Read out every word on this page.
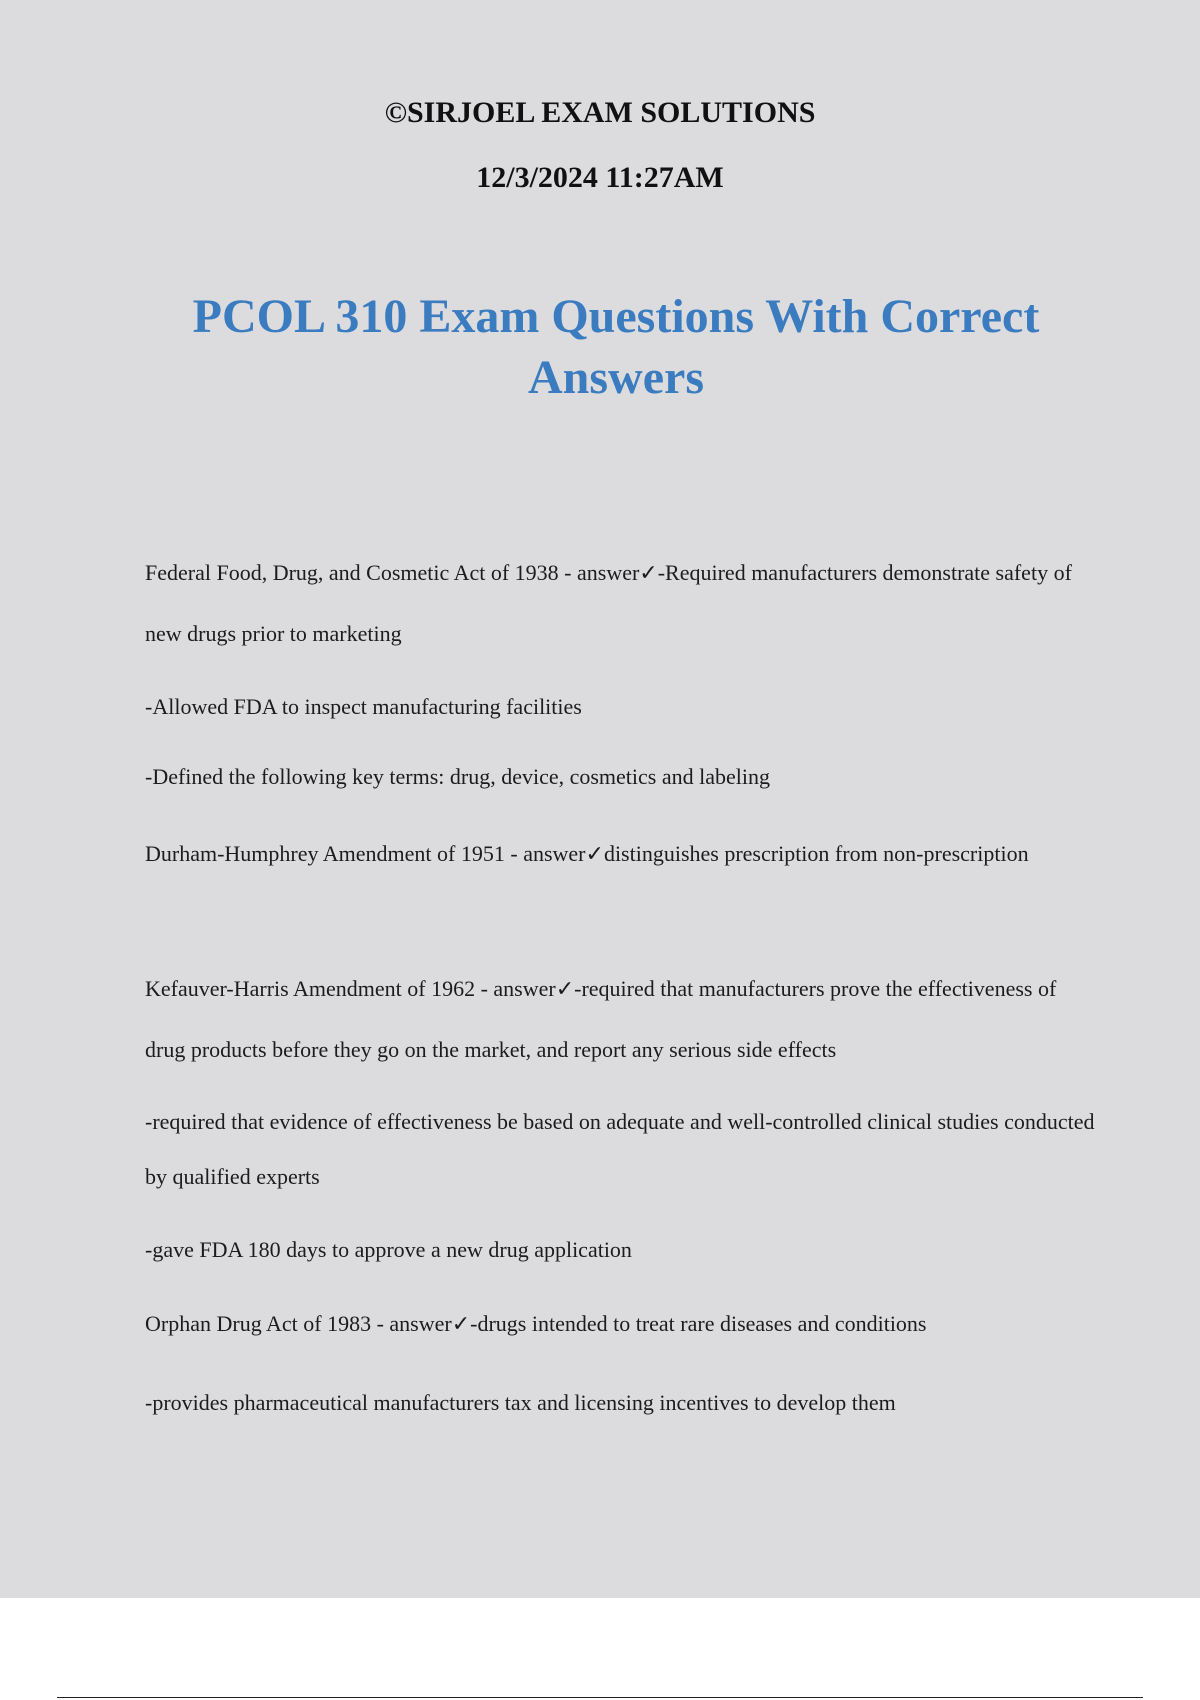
©SIRJOEL EXAM SOLUTIONS
12/3/2024 11:27AM
PCOL 310 Exam Questions With Correct Answers
Federal Food, Drug, and Cosmetic Act of 1938 - answer✓-Required manufacturers demonstrate safety of new drugs prior to marketing
-Allowed FDA to inspect manufacturing facilities
-Defined the following key terms: drug, device, cosmetics and labeling
Durham-Humphrey Amendment of 1951 - answer✓distinguishes prescription from non-prescription
Kefauver-Harris Amendment of 1962 - answer✓-required that manufacturers prove the effectiveness of drug products before they go on the market, and report any serious side effects
-required that evidence of effectiveness be based on adequate and well-controlled clinical studies conducted by qualified experts
-gave FDA 180 days to approve a new drug application
Orphan Drug Act of 1983 - answer✓-drugs intended to treat rare diseases and conditions
-provides pharmaceutical manufacturers tax and licensing incentives to develop them
